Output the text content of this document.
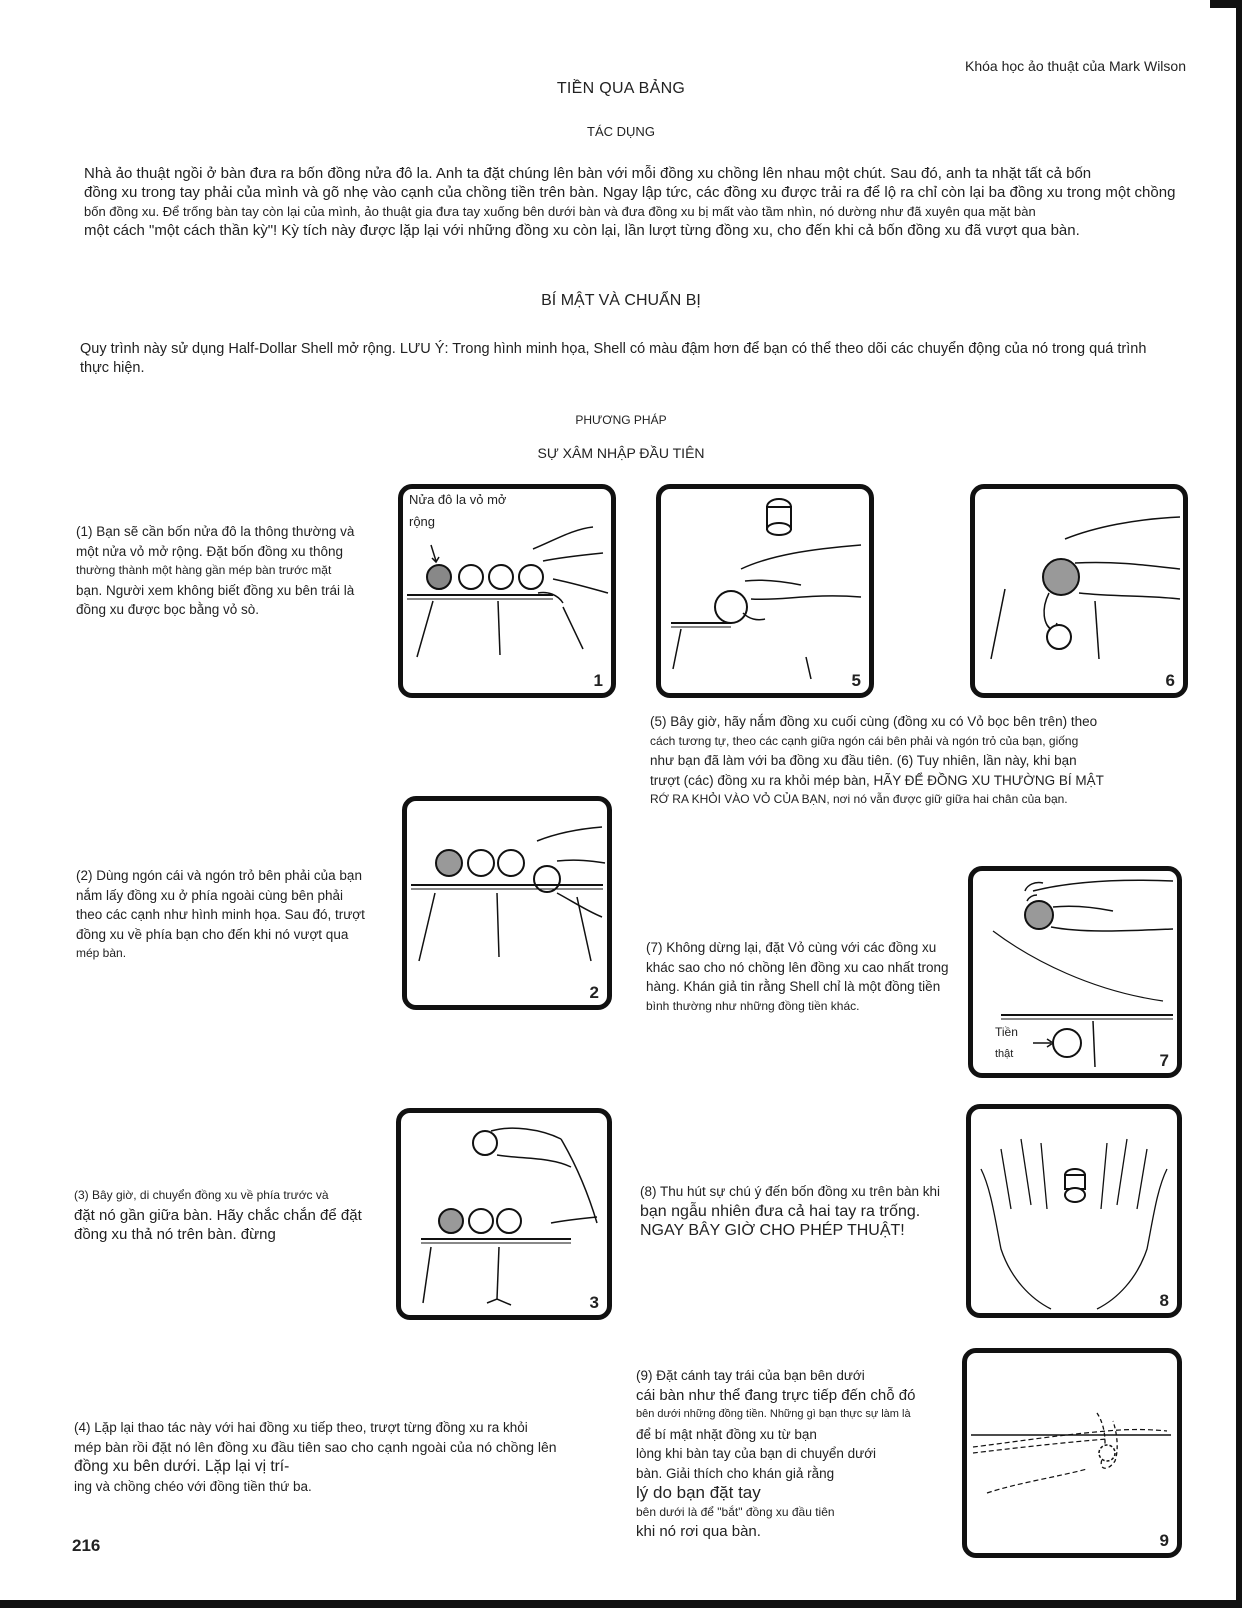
Khóa học ảo thuật của Mark Wilson
TIỀN QUA BẢNG
TÁC DỤNG
Nhà ảo thuật ngồi ở bàn đưa ra bốn đồng nửa đô la. Anh ta đặt chúng lên bàn với mỗi đồng xu chồng lên nhau một chút. Sau đó, anh ta nhặt tất cả bốn
đồng xu trong tay phải của mình và gõ nhẹ vào cạnh của chồng tiền trên bàn. Ngay lập tức, các đồng xu được trải ra để lộ ra chỉ còn lại ba đồng xu trong một chồng
bốn đồng xu. Để trống bàn tay còn lại của mình, ảo thuật gia đưa tay xuống bên dưới bàn và đưa đồng xu bị mất vào tầm nhìn, nó dường như đã xuyên qua mặt bàn
một cách "một cách thần kỳ"! Kỳ tích này được lặp lại với những đồng xu còn lại, lần lượt từng đồng xu, cho đến khi cả bốn đồng xu đã vượt qua bàn.
BÍ MẬT VÀ CHUẨN BỊ
Quy trình này sử dụng Half-Dollar Shell mở rộng. LƯU Ý: Trong hình minh họa, Shell có màu đậm hơn để bạn có thể theo dõi các chuyển động của nó trong quá trình thực hiện.
PHƯƠNG PHÁP
SỰ XÂM NHẬP ĐẦU TIÊN
(1) Bạn sẽ cần bốn nửa đô la thông thường và
một nửa vỏ mở rộng. Đặt bốn đồng xu thông
thường thành một hàng gần mép bàn trước mặt
bạn. Người xem không biết đồng xu bên trái là
đồng xu được bọc bằng vỏ sò.
Nửa đô la vỏ mở
rộng
1	5	6
(5) Bây giờ, hãy nắm đồng xu cuối cùng (đồng xu có Vỏ bọc bên trên) theo
cách tương tự, theo các cạnh giữa ngón cái bên phải và ngón trỏ của bạn, giống
như bạn đã làm với ba đồng xu đầu tiên. (6) Tuy nhiên, lần này, khi bạn
trượt (các) đồng xu ra khỏi mép bàn, HÃY ĐỂ ĐỒNG XU THƯỜNG BÍ MẬT
RỚ RA KHỎI VÀO VỎ CỦA BẠN, nơi nó vẫn được giữ giữa hai chân của bạn.
2
(2) Dùng ngón cái và ngón trỏ bên phải của bạn
nắm lấy đồng xu ở phía ngoài cùng bên phải
theo các cạnh như hình minh họa. Sau đó, trượt
đồng xu về phía bạn cho đến khi nó vượt qua
mép bàn.
Tiền
thật	7
(7) Không dừng lại, đặt Vỏ cùng với các đồng xu
khác sao cho nó chồng lên đồng xu cao nhất trong
hàng. Khán giả tin rằng Shell chỉ là một đồng tiền
bình thường như những đồng tiền khác.
3
(3) Bây giờ, di chuyển đồng xu về phía trước và
đặt nó gần giữa bàn. Hãy chắc chắn để đặt
đồng xu thả nó trên bàn. đừng
8
(8) Thu hút sự chú ý đến bốn đồng xu trên bàn khi
bạn ngẫu nhiên đưa cả hai tay ra trống.
NGAY BÂY GIỜ CHO PHÉP THUẬT!
(9) Đặt cánh tay trái của bạn bên dưới
cái bàn như thể đang trực tiếp đến chỗ đó
bên dưới những đồng tiền. Những gì bạn thực sự làm là
để bí mật nhặt đồng xu từ bạn
lòng khi bàn tay của bạn di chuyển dưới
bàn. Giải thích cho khán giả rằng
lý do bạn đặt tay
bên dưới là để "bắt" đồng xu đầu tiên
khi nó rơi qua bàn.	9
(4) Lặp lại thao tác này với hai đồng xu tiếp theo, trượt từng đồng xu ra khỏi
mép bàn rồi đặt nó lên đồng xu đầu tiên sao cho cạnh ngoài của nó chồng lên
đồng xu bên dưới. Lặp lại vị trí-
ing và chồng chéo với đồng tiền thứ ba.
216
